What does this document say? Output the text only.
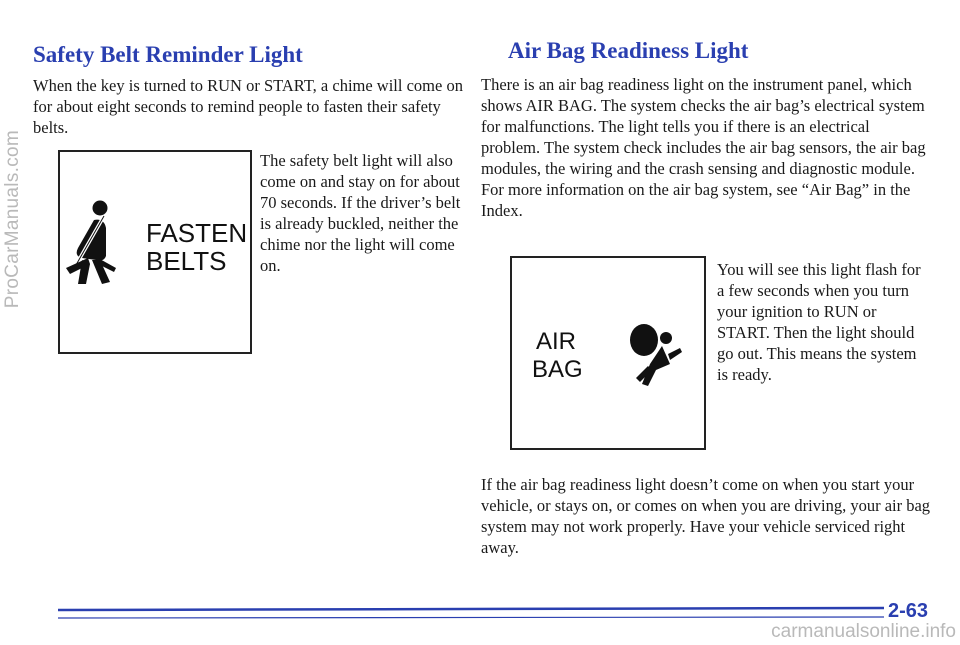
ProCarManuals.com
carmanualsonline.info
Safety Belt Reminder Light

When the key is turned to RUN or START, a chime will come on for about eight seconds to remind people to fasten their safety belts.

FASTEN
BELTS

The safety belt light will also come on and stay on for about 70 seconds. If the driver’s belt is already buckled, neither the chime nor the light will come on.

Air Bag Readiness Light

There is an air bag readiness light on the instrument panel, which shows AIR BAG. The system checks the air bag’s electrical system for malfunctions. The light tells you if there is an electrical problem. The system check includes the air bag sensors, the air bag modules, the wiring and the crash sensing and diagnostic module. For more information on the air bag system, see “Air Bag” in the Index.

AIR
BAG

You will see this light flash for a few seconds when you turn your ignition to RUN or START. Then the light should go out. This means the system is ready.

If the air bag readiness light doesn’t come on when you start your vehicle, or stays on, or comes on when you are driving, your air bag system may not work properly. Have your vehicle serviced right away.

2-63
